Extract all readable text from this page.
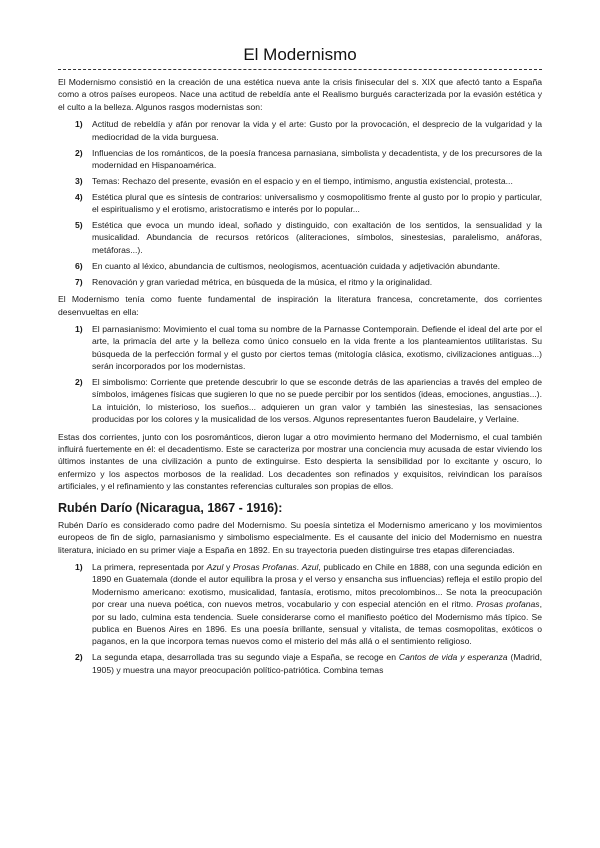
El Modernismo

El Modernismo consistió en la creación de una estética nueva ante la crisis finisecular del s. XIX que afectó tanto a España como a otros países europeos. Nace una actitud de rebeldía ante el Realismo burgués caracterizada por la evasión estética y el culto a la belleza. Algunos rasgos modernistas son:

1) Actitud de rebeldía y afán por renovar la vida y el arte: Gusto por la provocación, el desprecio de la vulgaridad y la mediocridad de la vida burguesa.
2) Influencias de los románticos, de la poesía francesa parnasiana, simbolista y decadentista, y de los precursores de la modernidad en Hispanoamérica.
3) Temas: Rechazo del presente, evasión en el espacio y en el tiempo, intimismo, angustia existencial, protesta...
4) Estética plural que es síntesis de contrarios: universalismo y cosmopolitismo frente al gusto por lo propio y particular, el espiritualismo y el erotismo, aristocratismo e interés por lo popular...
5) Estética que evoca un mundo ideal, soñado y distinguido, con exaltación de los sentidos, la sensualidad y la musicalidad. Abundancia de recursos retóricos (aliteraciones, símbolos, sinestesias, paralelismo, anáforas, metáforas...).
6) En cuanto al léxico, abundancia de cultismos, neologismos, acentuación cuidada y adjetivación abundante.
7) Renovación y gran variedad métrica, en búsqueda de la música, el ritmo y la originalidad.

El Modernismo tenía como fuente fundamental de inspiración la literatura francesa, concretamente, dos corrientes desenvueltas en ella:

1) El parnasianismo: Movimiento el cual toma su nombre de la Parnasse Contemporain. Defiende el ideal del arte por el arte, la primacía del arte y la belleza como único consuelo en la vida frente a los planteamientos utilitaristas. Su búsqueda de la perfección formal y el gusto por ciertos temas (mitología clásica, exotismo, civilizaciones antiguas...) serán incorporados por los modernistas.
2) El simbolismo: Corriente que pretende descubrir lo que se esconde detrás de las apariencias a través del empleo de símbolos, imágenes físicas que sugieren lo que no se puede percibir por los sentidos (ideas, emociones, angustias...). La intuición, lo misterioso, los sueños... adquieren un gran valor y también las sinestesias, las sensaciones producidas por los colores y la musicalidad de los versos. Algunos representantes fueron Baudelaire, y Verlaine.

Estas dos corrientes, junto con los posrománticos, dieron lugar a otro movimiento hermano del Modernismo, el cual también influirá fuertemente en él: el decadentismo. Este se caracteriza por mostrar una conciencia muy acusada de estar viviendo los últimos instantes de una civilización a punto de extinguirse. Esto despierta la sensibilidad por lo excitante y oscuro, lo enfermizo y los aspectos morbosos de la realidad. Los decadentes son refinados y exquisitos, reivindican los paraísos artificiales, y el refinamiento y las constantes referencias culturales son propias de ellos.

Rubén Darío (Nicaragua, 1867 - 1916):

Rubén Darío es considerado como padre del Modernismo. Su poesía sintetiza el Modernismo americano y los movimientos europeos de fin de siglo, parnasianismo y simbolismo especialmente. Es el causante del inicio del Modernismo en nuestra literatura, iniciado en su primer viaje a España en 1892. En su trayectoria pueden distinguirse tres etapas diferenciadas.

1) La primera, representada por Azul y Prosas Profanas. Azul, publicado en Chile en 1888, con una segunda edición en 1890 en Guatemala (donde el autor equilibra la prosa y el verso y ensancha sus influencias) refleja el estilo propio del Modernismo americano: exotismo, musicalidad, fantasía, erotismo, mitos precolombinos... Se nota la preocupación por crear una nueva poética, con nuevos metros, vocabulario y con especial atención en el ritmo. Prosas profanas, por su lado, culmina esta tendencia. Suele considerarse como el manifiesto poético del Modernismo más típico. Se publica en Buenos Aires en 1896. Es una poesía brillante, sensual y vitalista, de temas cosmopolitas, exóticos o paganos, en la que incorpora temas nuevos como el misterio del más allá o el sentimiento religioso.
2) La segunda etapa, desarrollada tras su segundo viaje a España, se recoge en Cantos de vida y esperanza (Madrid, 1905) y muestra una mayor preocupación político-patriótica. Combina temas
